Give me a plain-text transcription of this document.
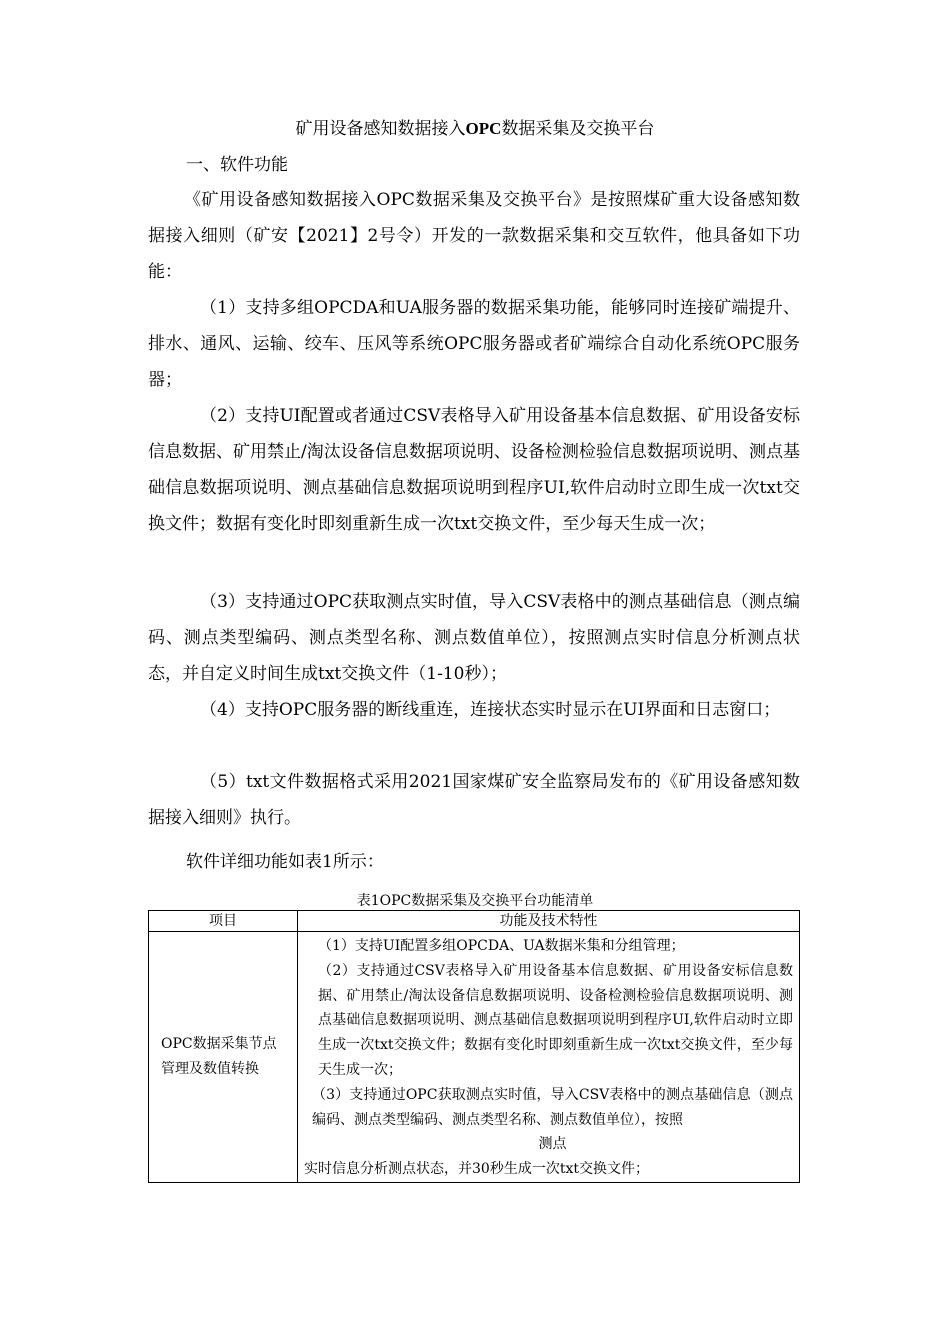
矿用设备感知数据接入OPC数据采集及交换平台
一、软件功能
《矿用设备感知数据接入OPC数据采集及交换平台》是按照煤矿重大设备感知数据接入细则（矿安【2021】2号令）开发的一款数据采集和交互软件，他具备如下功能：
（1）支持多组OPCDA和UA服务器的数据采集功能，能够同时连接矿端提升、排水、通风、运输、绞车、压风等系统OPC服务器或者矿端综合自动化系统OPC服务器；
（2）支持UI配置或者通过CSV表格导入矿用设备基本信息数据、矿用设备安标信息数据、矿用禁止/淘汰设备信息数据项说明、设备检测检验信息数据项说明、测点基础信息数据项说明、测点基础信息数据项说明到程序UI,软件启动时立即生成一次txt交换文件；数据有变化时即刻重新生成一次txt交换文件，至少每天生成一次；
（3）支持通过OPC获取测点实时值，导入CSV表格中的测点基础信息（测点编码、测点类型编码、测点类型名称、测点数值单位），按照测点实时信息分析测点状态，并自定义时间生成txt交换文件（1-10秒）；
（4）支持OPC服务器的断线重连，连接状态实时显示在UI界面和日志窗口；
（5）txt文件数据格式采用2021国家煤矿安全监察局发布的《矿用设备感知数据接入细则》执行。
软件详细功能如表1所示：
表1OPC数据采集及交换平台功能清单
项目	功能及技术特性
OPC数据采集节点管理及数值转换	（1）支持UI配置多组OPCDA、UA数据米集和分组管理；
（2）支持通过CSV表格导入矿用设备基本信息数据、矿用设备安标信息数据、矿用禁止/淘汰设备信息数据项说明、设备检测检验信息数据项说明、测点基础信息数据项说明、测点基础信息数据项说明到程序UI,软件启动时立即生成一次txt交换文件；数据有变化时即刻重新生成一次txt交换文件，至少每天生成一次；
（3）支持通过OPC获取测点实时值，导入CSV表格中的测点基础信息（测点编码、测点类型编码、测点类型名称、测点数值单位），按照
测点
实时信息分析测点状态，并30秒生成一次txt交换文件；
